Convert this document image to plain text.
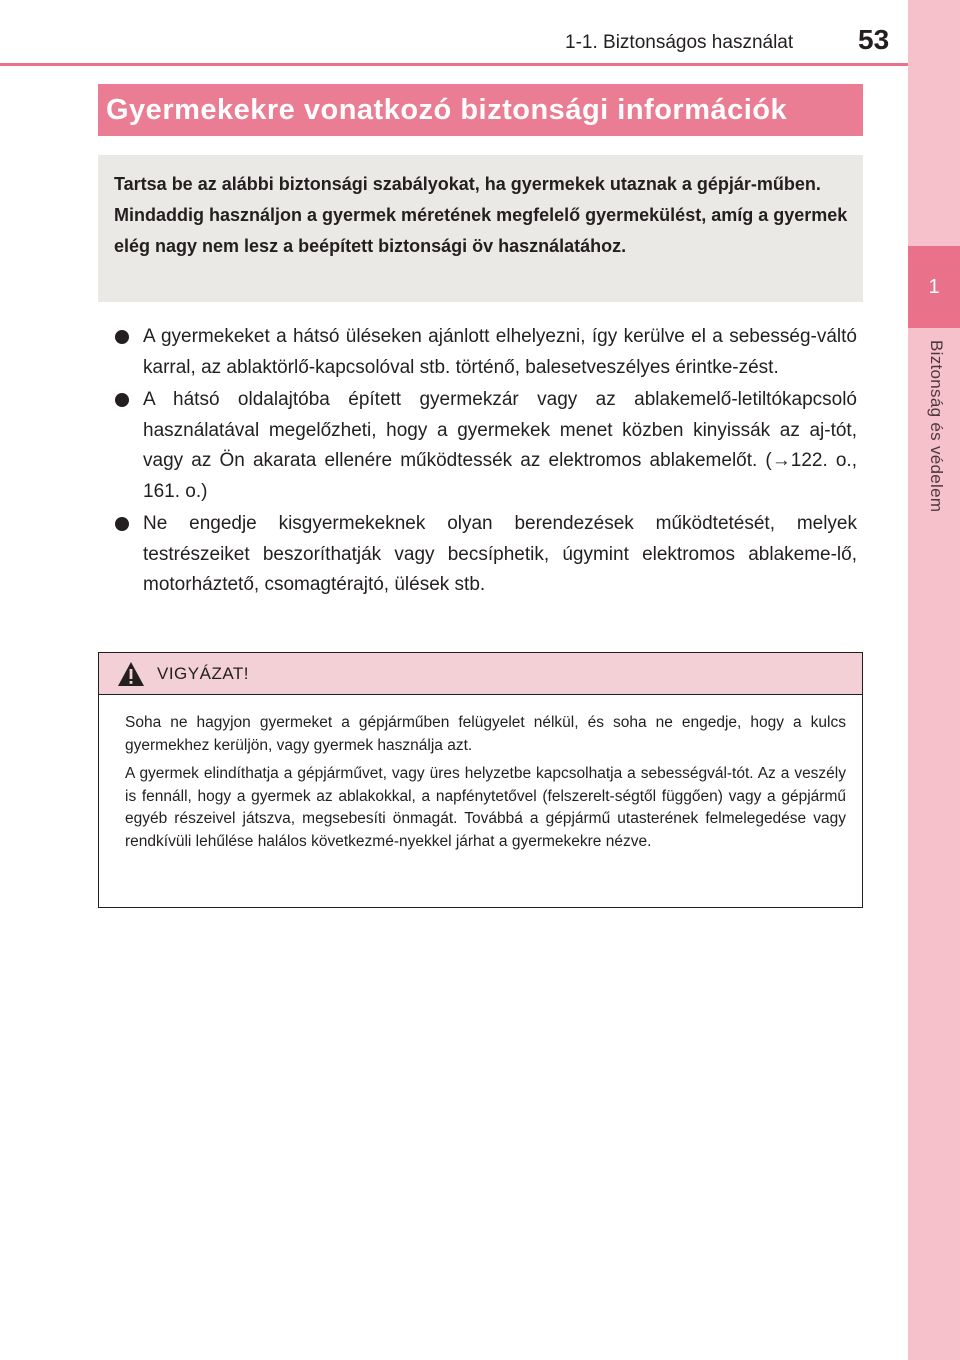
1
Biztonság és védelem
1-1. Biztonságos használat 53
Gyermekekre vonatkozó biztonsági információk

Tartsa be az alábbi biztonsági szabályokat, ha gyermekek utaznak a gépjár-műben.

Mindaddig használjon a gyermek méretének megfelelő gyermekülést, amíg a gyermek elég nagy nem lesz a beépített biztonsági öv használatához.

A gyermekeket a hátsó üléseken ajánlott elhelyezni, így kerülve el a sebesség-váltó karral, az ablaktörlő-kapcsolóval stb. történő, balesetveszélyes érintke-zést.
A hátsó oldalajtóba épített gyermekzár vagy az ablakemelő-letiltókapcsoló használatával megelőzheti, hogy a gyermekek menet közben kinyissák az aj-tót, vagy az Ön akarata ellenére működtessék az elektromos ablakemelőt. (→122. o., 161. o.)
Ne engedje kisgyermekeknek olyan berendezések működtetését, melyek testrészeiket beszoríthatják vagy becsíphetik, úgymint elektromos ablakeme-lő, motorháztető, csomagtérajtó, ülések stb.
VIGYÁZAT!

Soha ne hagyjon gyermeket a gépjárműben felügyelet nélkül, és soha ne engedje, hogy a kulcs gyermekhez kerüljön, vagy gyermek használja azt.

A gyermek elindíthatja a gépjárművet, vagy üres helyzetbe kapcsolhatja a sebességvál-tót. Az a veszély is fennáll, hogy a gyermek az ablakokkal, a napfénytetővel (felszerelt-ségtől függően) vagy a gépjármű egyéb részeivel játszva, megsebesíti önmagát. Továbbá a gépjármű utasterének felmelegedése vagy rendkívüli lehűlése halálos következmé-nyekkel járhat a gyermekekre nézve.
